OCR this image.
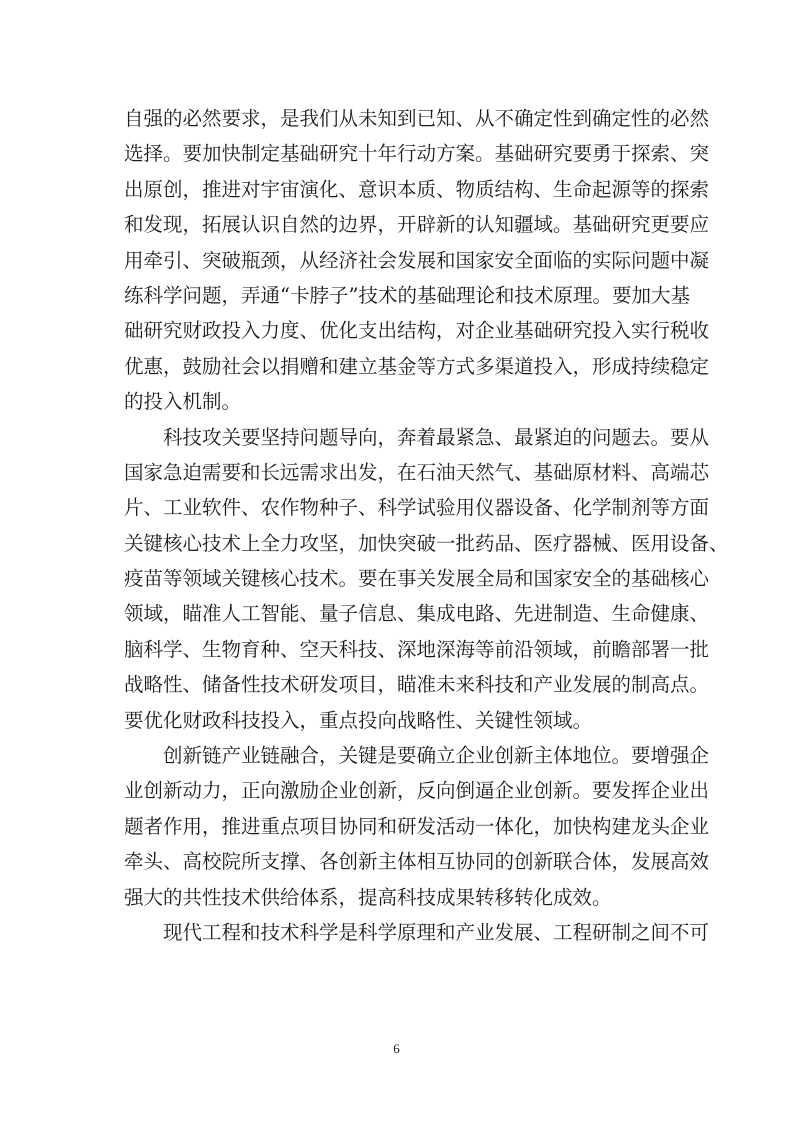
自强的必然要求，是我们从未知到已知、从不确定性到确定性的必然
选择。要加快制定基础研究十年行动方案。基础研究要勇于探索、突
出原创，推进对宇宙演化、意识本质、物质结构、生命起源等的探索
和发现，拓展认识自然的边界，开辟新的认知疆域。基础研究更要应
用牵引、突破瓶颈，从经济社会发展和国家安全面临的实际问题中凝
练科学问题，弄通“卡脖子”技术的基础理论和技术原理。要加大基
础研究财政投入力度、优化支出结构，对企业基础研究投入实行税收
优惠，鼓励社会以捐赠和建立基金等方式多渠道投入，形成持续稳定
的投入机制。
科技攻关要坚持问题导向，奔着最紧急、最紧迫的问题去。要从
国家急迫需要和长远需求出发，在石油天然气、基础原材料、高端芯
片、工业软件、农作物种子、科学试验用仪器设备、化学制剂等方面
关键核心技术上全力攻坚，加快突破一批药品、医疗器械、医用设备、
疫苗等领域关键核心技术。要在事关发展全局和国家安全的基础核心
领域，瞄准人工智能、量子信息、集成电路、先进制造、生命健康、
脑科学、生物育种、空天科技、深地深海等前沿领域，前瞻部署一批
战略性、储备性技术研发项目，瞄准未来科技和产业发展的制高点。
要优化财政科技投入，重点投向战略性、关键性领域。
创新链产业链融合，关键是要确立企业创新主体地位。要增强企
业创新动力，正向激励企业创新，反向倒逼企业创新。要发挥企业出
题者作用，推进重点项目协同和研发活动一体化，加快构建龙头企业
牵头、高校院所支撑、各创新主体相互协同的创新联合体，发展高效
强大的共性技术供给体系，提高科技成果转移转化成效。
现代工程和技术科学是科学原理和产业发展、工程研制之间不可
6
